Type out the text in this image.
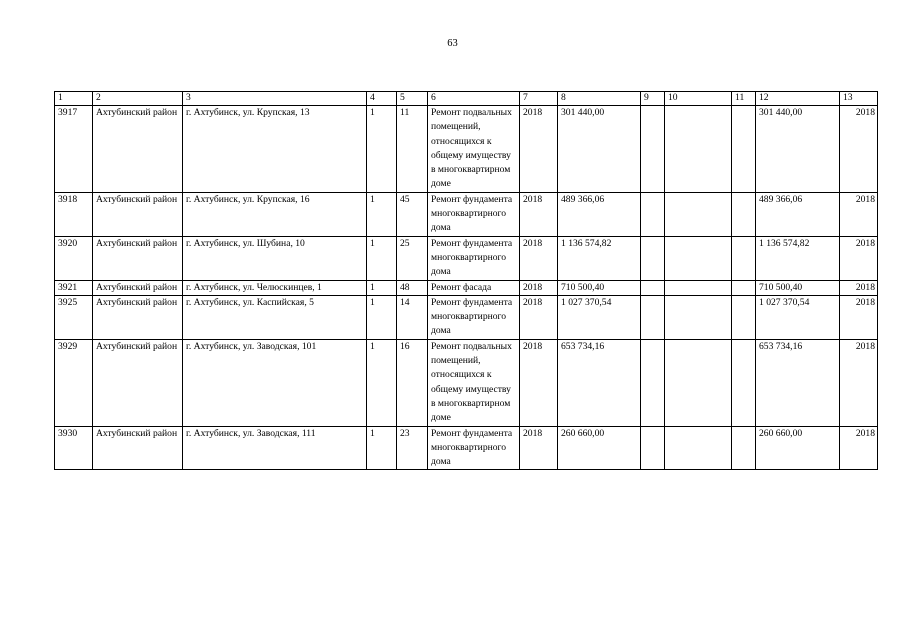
63
1	2	3	4	5	6	7	8	9	10	11	12	13
3917	Ахтубинский район	г. Ахтубинск, ул. Крупская, 13	1	11	Ремонт подвальных помещений, относящихся к общему имуществу в многоквартирном доме	2018	301 440,00				301 440,00	2018
3918	Ахтубинский район	г. Ахтубинск, ул. Крупская, 16	1	45	Ремонт фундамента многоквартирного дома	2018	489 366,06				489 366,06	2018
3920	Ахтубинский район	г. Ахтубинск, ул. Шубина, 10	1	25	Ремонт фундамента многоквартирного дома	2018	1 136 574,82				1 136 574,82	2018
3921	Ахтубинский район	г. Ахтубинск, ул. Челюскинцев, 1	1	48	Ремонт фасада	2018	710 500,40				710 500,40	2018
3925	Ахтубинский район	г. Ахтубинск, ул. Каспийская, 5	1	14	Ремонт фундамента многоквартирного дома	2018	1 027 370,54				1 027 370,54	2018
3929	Ахтубинский район	г. Ахтубинск, ул. Заводская, 101	1	16	Ремонт подвальных помещений, относящихся к общему имуществу в многоквартирном доме	2018	653 734,16				653 734,16	2018
3930	Ахтубинский район	г. Ахтубинск, ул. Заводская, 111	1	23	Ремонт фундамента многоквартирного дома	2018	260 660,00				260 660,00	2018
